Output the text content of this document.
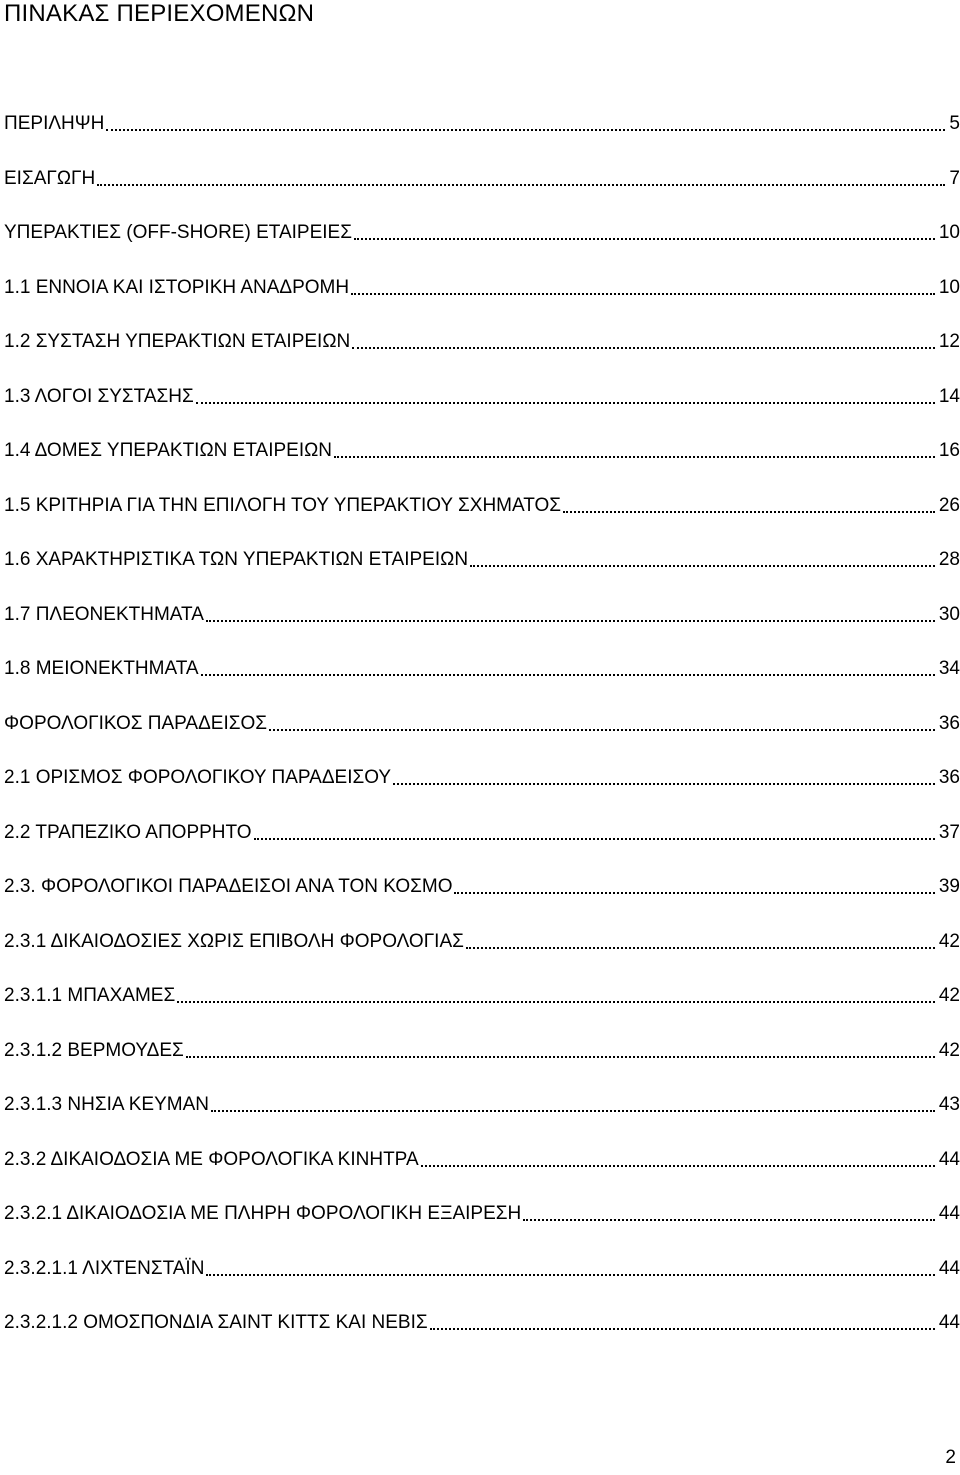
ΠΙΝΑΚΑΣ ΠΕΡΙΕΧΟΜΕΝΩΝ
ΠΕΡΙΛΗΨΗ	5
ΕΙΣΑΓΩΓΗ	7
ΥΠΕΡΑΚΤΙΕΣ (OFF-SHORE) ΕΤΑΙΡΕΙΕΣ	10
1.1 ΕΝΝΟΙΑ ΚΑΙ ΙΣΤΟΡΙΚΗ ΑΝΑΔΡΟΜΗ	10
1.2 ΣΥΣΤΑΣΗ ΥΠΕΡΑΚΤΙΩΝ ΕΤΑΙΡΕΙΩΝ	12
1.3 ΛΟΓΟΙ ΣΥΣΤΑΣΗΣ	14
1.4 ΔΟΜΕΣ ΥΠΕΡΑΚΤΙΩΝ ΕΤΑΙΡΕΙΩΝ	16
1.5 ΚΡΙΤΗΡΙΑ ΓΙΑ ΤΗΝ ΕΠΙΛΟΓΗ ΤΟΥ ΥΠΕΡΑΚΤΙΟΥ ΣΧΗΜΑΤΟΣ	26
1.6 ΧΑΡΑΚΤΗΡΙΣΤΙΚΑ ΤΩΝ ΥΠΕΡΑΚΤΙΩΝ ΕΤΑΙΡΕΙΩΝ	28
1.7 ΠΛΕΟΝΕΚΤΗΜΑΤΑ	30
1.8 ΜΕΙΟΝΕΚΤΗΜΑΤΑ	34
ΦΟΡΟΛΟΓΙΚΟΣ ΠΑΡΑΔΕΙΣΟΣ	36
2.1 ΟΡΙΣΜΟΣ ΦΟΡΟΛΟΓΙΚΟΥ ΠΑΡΑΔΕΙΣΟΥ	36
2.2 ΤΡΑΠΕΖΙΚΟ ΑΠΟΡΡΗΤΟ	37
2.3. ΦΟΡΟΛΟΓΙΚΟΙ ΠΑΡΑΔΕΙΣΟΙ ΑΝΑ ΤΟΝ ΚΟΣΜΟ	39
2.3.1 ΔΙΚΑΙΟΔΟΣΙΕΣ ΧΩΡΙΣ ΕΠΙΒΟΛΗ ΦΟΡΟΛΟΓΙΑΣ	42
2.3.1.1 ΜΠΑΧΑΜΕΣ	42
2.3.1.2 ΒΕΡΜΟΥΔΕΣ	42
2.3.1.3 ΝΗΣΙΑ ΚΕΥΜΑΝ	43
2.3.2 ΔΙΚΑΙΟΔΟΣΙΑ ΜΕ ΦΟΡΟΛΟΓΙΚΑ ΚΙΝΗΤΡΑ	44
2.3.2.1 ΔΙΚΑΙΟΔΟΣΙΑ ΜΕ ΠΛΗΡΗ ΦΟΡΟΛΟΓΙΚΗ ΕΞΑΙΡΕΣΗ	44
2.3.2.1.1 ΛΙΧΤΕΝΣΤΑΪΝ	44
2.3.2.1.2 ΟΜΟΣΠΟΝΔΙΑ ΣΑΙΝΤ ΚΙΤΤΣ ΚΑΙ ΝΕΒΙΣ	44
2
